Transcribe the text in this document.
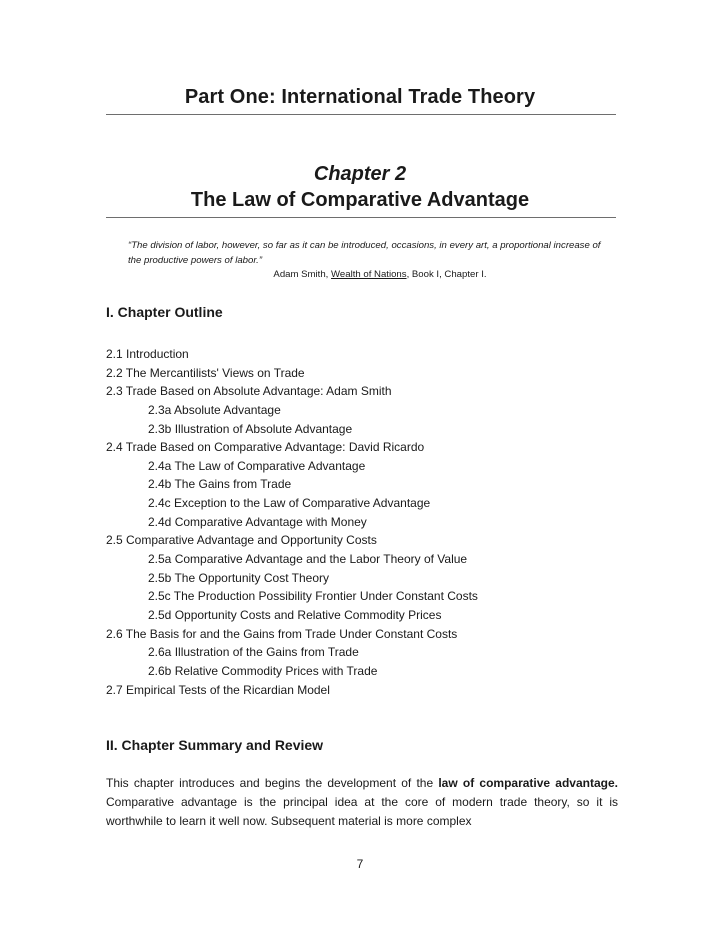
Part One: International Trade Theory
Chapter 2
The Law of Comparative Advantage
“The division of labor, however, so far as it can be introduced, occasions, in every art, a proportional increase of the productive powers of labor.”
Adam Smith, Wealth of Nations, Book I, Chapter I.
I. Chapter Outline
2.1 Introduction
2.2 The Mercantilists' Views on Trade
2.3 Trade Based on Absolute Advantage: Adam Smith
2.3a Absolute Advantage
2.3b Illustration of Absolute Advantage
2.4 Trade Based on Comparative Advantage: David Ricardo
2.4a The Law of Comparative Advantage
2.4b The Gains from Trade
2.4c Exception to the Law of Comparative Advantage
2.4d Comparative Advantage with Money
2.5 Comparative Advantage and Opportunity Costs
2.5a Comparative Advantage and the Labor Theory of Value
2.5b The Opportunity Cost Theory
2.5c The Production Possibility Frontier Under Constant Costs
2.5d Opportunity Costs and Relative Commodity Prices
2.6 The Basis for and the Gains from Trade Under Constant Costs
2.6a Illustration of the Gains from Trade
2.6b Relative Commodity Prices with Trade
2.7 Empirical Tests of the Ricardian Model
II. Chapter Summary and Review
This chapter introduces and begins the development of the law of comparative advantage. Comparative advantage is the principal idea at the core of modern trade theory, so it is worthwhile to learn it well now. Subsequent material is more complex
7
